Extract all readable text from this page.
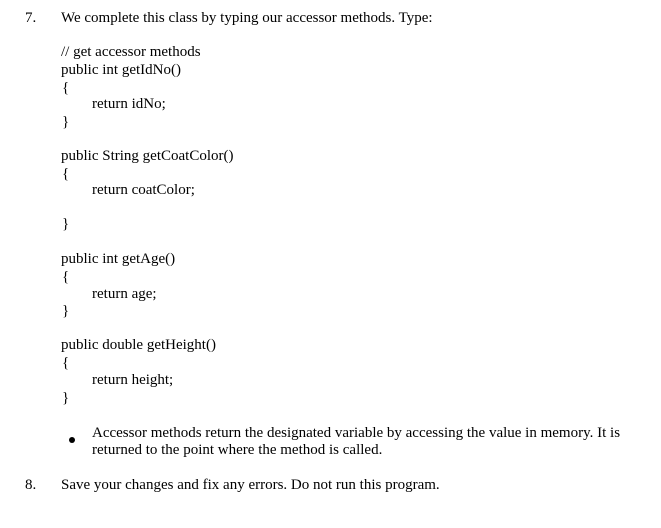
7. We complete this class by typing our accessor methods. Type:
// get accessor methods
public int getIdNo()
{
return idNo;
}
public String getCoatColor()
{
return coatColor;
}
public int getAge()
{
return age;
}
public double getHeight()
{
return height;
}
Accessor methods return the designated variable by accessing the value in memory. It is returned to the point where the method is called.
8. Save your changes and fix any errors. Do not run this program.
